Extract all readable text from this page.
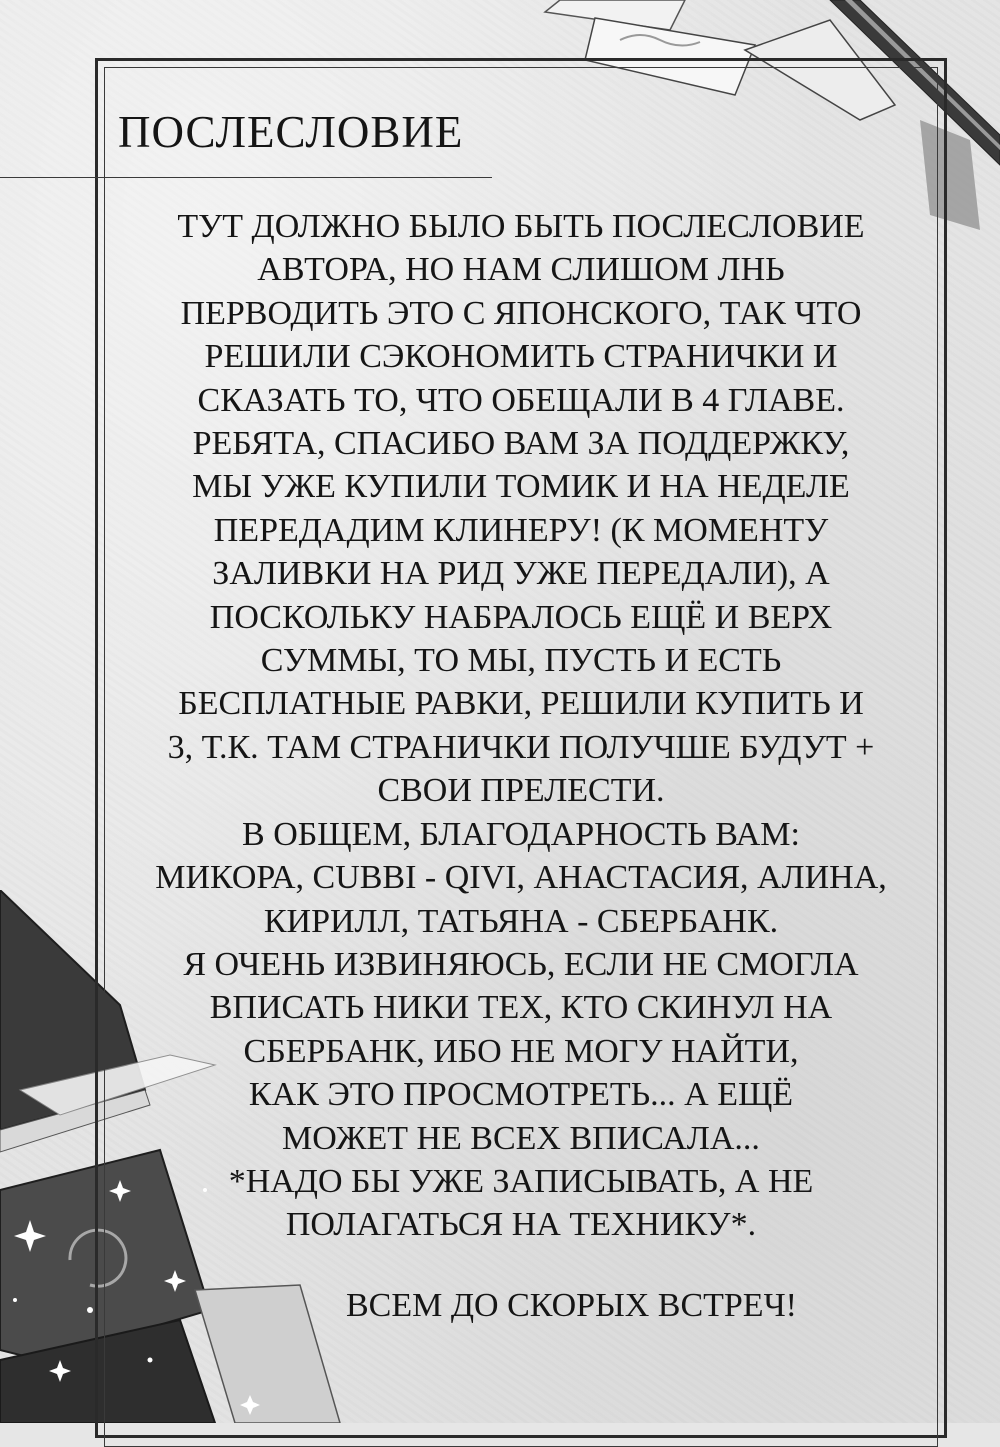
ПОСЛЕСЛОВИЕ
ТУТ ДОЛЖНО БЫЛО БЫТЬ ПОСЛЕСЛОВИЕ
АВТОРА, НО НАМ СЛИШОМ ЛНЬ
ПЕРВОДИТЬ ЭТО С ЯПОНСКОГО, ТАК ЧТО
РЕШИЛИ СЭКОНОМИТЬ СТРАНИЧКИ И
СКАЗАТЬ ТО, ЧТО ОБЕЩАЛИ В 4 ГЛАВЕ.
РЕБЯТА, СПАСИБО ВАМ ЗА ПОДДЕРЖКУ,
МЫ УЖЕ КУПИЛИ ТОМИК И НА НЕДЕЛЕ
ПЕРЕДАДИМ КЛИНЕРУ! (К МОМЕНТУ
ЗАЛИВКИ НА РИД УЖЕ ПЕРЕДАЛИ), А
ПОСКОЛЬКУ НАБРАЛОСЬ ЕЩЁ И ВЕРХ
СУММЫ, ТО МЫ, ПУСТЬ И ЕСТЬ
БЕСПЛАТНЫЕ РАВКИ, РЕШИЛИ КУПИТЬ И
3, Т.К. ТАМ СТРАНИЧКИ ПОЛУЧШЕ БУДУТ +
СВОИ ПРЕЛЕСТИ.
В ОБЩЕМ, БЛАГОДАРНОСТЬ ВАМ:
МИКОРА, CUBBI - QIVI, АНАСТАСИЯ, АЛИНА,
КИРИЛЛ, ТАТЬЯНА - СБЕРБАНК.
Я ОЧЕНЬ ИЗВИНЯЮСЬ, ЕСЛИ НЕ СМОГЛА
ВПИСАТЬ НИКИ ТЕХ, КТО СКИНУЛ НА
СБЕРБАНК, ИБО НЕ МОГУ НАЙТИ,
КАК ЭТО ПРОСМОТРЕТЬ... А ЕЩЁ
МОЖЕТ НЕ ВСЕХ ВПИСАЛА...
*НАДО БЫ УЖЕ ЗАПИСЫВАТЬ, А НЕ
ПОЛАГАТЬСЯ НА ТЕХНИКУ*.

ВСЕМ ДО СКОРЫХ ВСТРЕЧ!
